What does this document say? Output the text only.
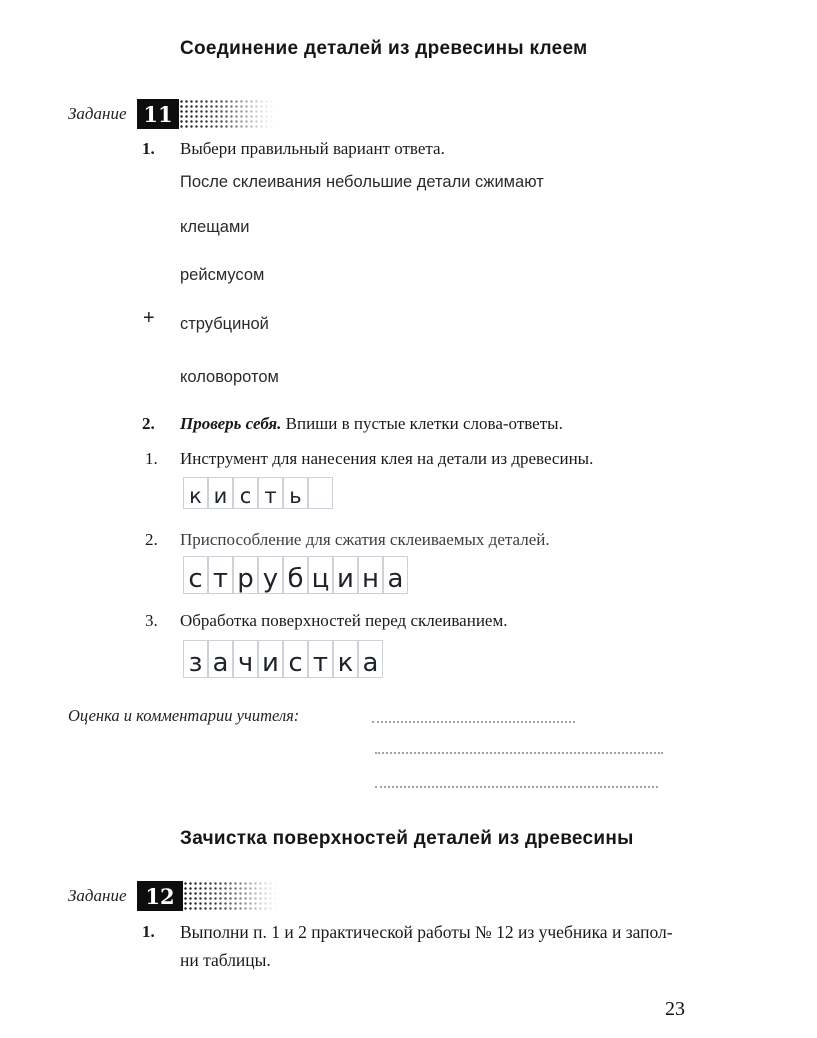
Соединение деталей из древесины клеем
Задание 11
1. Выбери правильный вариант ответа.
После склеивания небольшие детали сжимают
клещами
рейсмусом
+ струбциной
коловоротом
2. Проверь себя. Впиши в пустые клетки слова-ответы.
1. Инструмент для нанесения клея на детали из древесины.
к и с т ь
2. Приспособление для сжатия склеиваемых деталей.
с т р у б ц и н а
3. Обработка поверхностей перед склеиванием.
з а ч и с т к а
Оценка и комментарии учителя:
Зачистка поверхностей деталей из древесины
Задание 12
1. Выполни п. 1 и 2 практической работы № 12 из учебника и запол-
ни таблицы.
23
